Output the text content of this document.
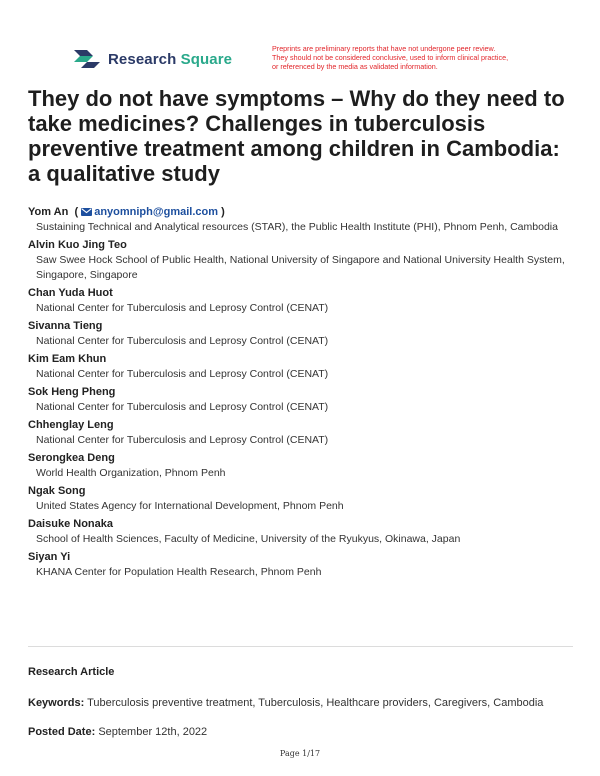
Research Square
Preprints are preliminary reports that have not undergone peer review.
They should not be considered conclusive, used to inform clinical practice,
or referenced by the media as validated information.
They do not have symptoms – Why do they need to take medicines? Challenges in tuberculosis preventive treatment among children in Cambodia: a qualitative study
Yom An ( anyomniph@gmail.com )
Sustaining Technical and Analytical resources (STAR), the Public Health Institute (PHI), Phnom Penh, Cambodia
Alvin Kuo Jing Teo
Saw Swee Hock School of Public Health, National University of Singapore and National University Health System, Singapore, Singapore
Chan Yuda Huot
National Center for Tuberculosis and Leprosy Control (CENAT)
Sivanna Tieng
National Center for Tuberculosis and Leprosy Control (CENAT)
Kim Eam Khun
National Center for Tuberculosis and Leprosy Control (CENAT)
Sok Heng Pheng
National Center for Tuberculosis and Leprosy Control (CENAT)
Chhenglay Leng
National Center for Tuberculosis and Leprosy Control (CENAT)
Serongkea Deng
World Health Organization, Phnom Penh
Ngak Song
United States Agency for International Development, Phnom Penh
Daisuke Nonaka
School of Health Sciences, Faculty of Medicine, University of the Ryukyus, Okinawa, Japan
Siyan Yi
KHANA Center for Population Health Research, Phnom Penh
Research Article
Keywords: Tuberculosis preventive treatment, Tuberculosis, Healthcare providers, Caregivers, Cambodia
Posted Date: September 12th, 2022
Page 1/17
